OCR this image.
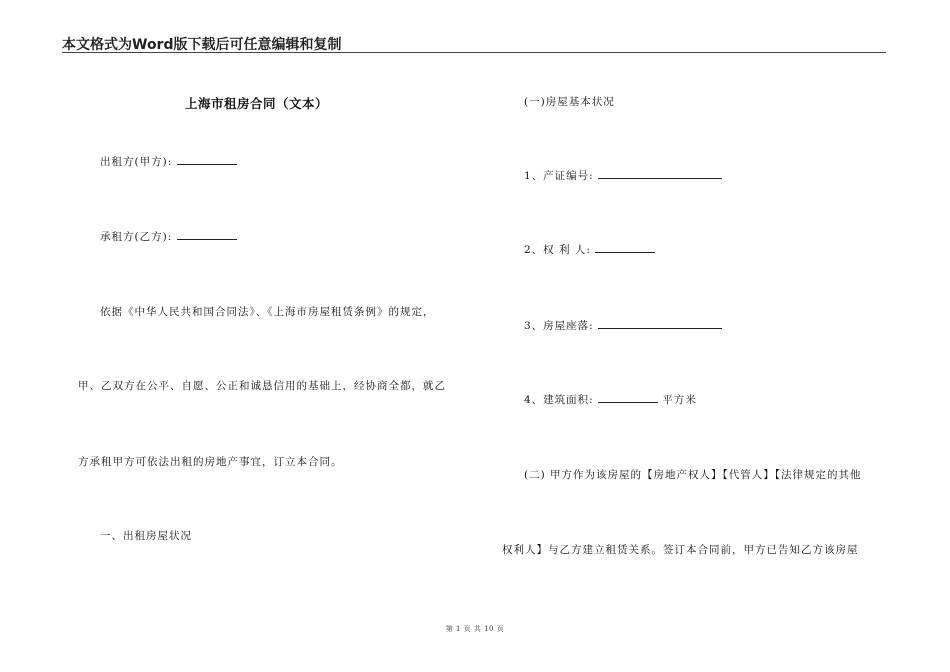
本文格式为Word版下载后可任意编辑和复制
上海市租房合同（文本）
出租方(甲方):
承租方(乙方):
依据《中华人民共和国合同法》、《上海市房屋租赁条例》的规定，
甲、乙双方在公平、自愿、公正和诚恳信用的基础上，经协商全都，就乙
方承租甲方可依法出租的房地产事宜，订立本合同。
一、出租房屋状况
(一)房屋基本状况
1、产证编号:
2、权 利 人:
3、房屋座落:
4、建筑面积:	平方米
(二) 甲方作为该房屋的【房地产权人】【代管人】【法律规定的其他
权利人】与乙方建立租赁关系。签订本合同前，甲方已告知乙方该房屋
第 1 页 共 10 页
